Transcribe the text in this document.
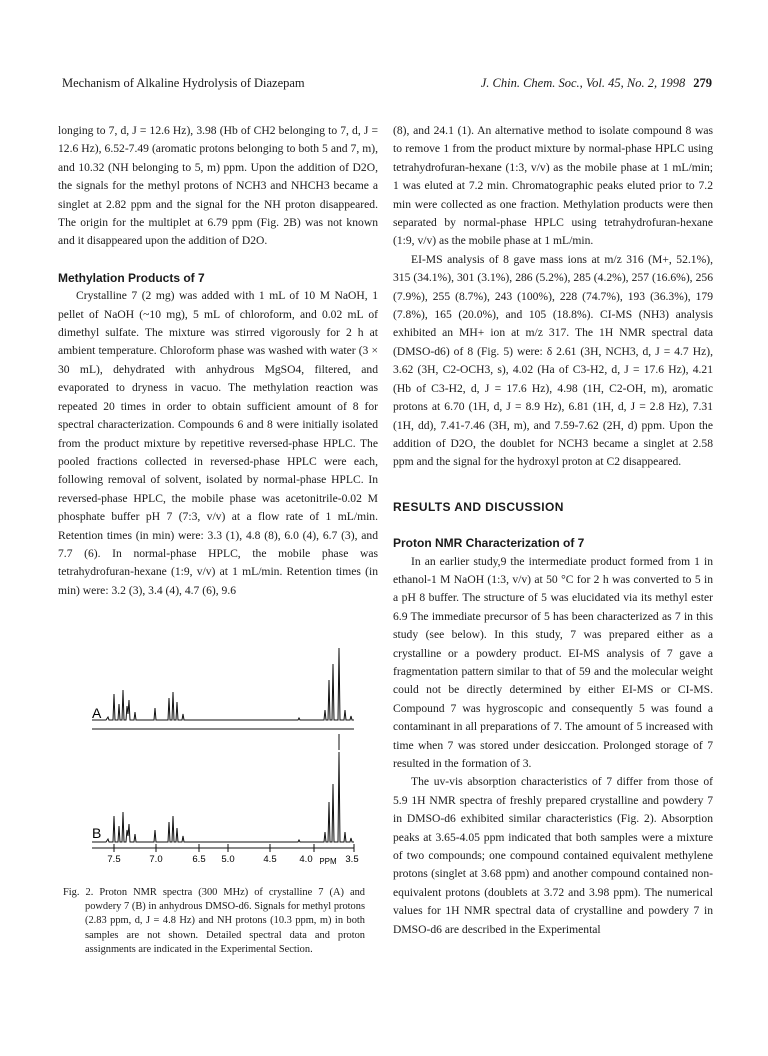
Mechanism of Alkaline Hydrolysis of Diazepam	J. Chin. Chem. Soc., Vol. 45, No. 2, 1998 279

longing to 7, d, J = 12.6 Hz), 3.98 (Hb of CH2 belonging to 7, d, J = 12.6 Hz), 6.52-7.49 (aromatic protons belonging to both 5 and 7, m), and 10.32 (NH belonging to 5, m) ppm. Upon the addition of D2O, the signals for the methyl protons of NCH3 and NHCH3 became a singlet at 2.82 ppm and the signal for the NH proton disappeared. The origin for the multiplet at 6.79 ppm (Fig. 2B) was not known and it disappeared upon the addition of D2O.

Methylation Products of 7

Crystalline 7 (2 mg) was added with 1 mL of 10 M NaOH, 1 pellet of NaOH (~10 mg), 5 mL of chloroform, and 0.02 mL of dimethyl sulfate. The mixture was stirred vigorously for 2 h at ambient temperature. Chloroform phase was washed with water (3 × 30 mL), dehydrated with anhydrous MgSO4, filtered, and evaporated to dryness in vacuo. The methylation reaction was repeated 20 times in order to obtain sufficient amount of 8 for spectral characterization. Compounds 6 and 8 were initially isolated from the product mixture by repetitive reversed-phase HPLC. The pooled fractions collected in reversed-phase HPLC were each, following removal of solvent, isolated by normal-phase HPLC. In reversed-phase HPLC, the mobile phase was acetonitrile-0.02 M phosphate buffer pH 7 (7:3, v/v) at a flow rate of 1 mL/min. Retention times (in min) were: 3.3 (1), 4.8 (8), 6.0 (4), 6.7 (3), and 7.7 (6). In normal-phase HPLC, the mobile phase was tetrahydrofuran-hexane (1:9, v/v) at 1 mL/min. Retention times (in min) were: 3.2 (3), 3.4 (4), 4.7 (6), 9.6

A
B
7.5	7.0	6.5 5.0	4.5 4.0 PPM 3.5
Fig. 2. Proton NMR spectra (300 MHz) of crystalline 7 (A) and powdery 7 (B) in anhydrous DMSO-d6. Signals for methyl protons (2.83 ppm, d, J = 4.8 Hz) and NH protons (10.3 ppm, m) in both samples are not shown. Detailed spectral data and proton assignments are indicated in the Experimental Section.

(8), and 24.1 (1). An alternative method to isolate compound 8 was to remove 1 from the product mixture by normal-phase HPLC using tetrahydrofuran-hexane (1:3, v/v) as the mobile phase at 1 mL/min; 1 was eluted at 7.2 min. Chromatographic peaks eluted prior to 7.2 min were collected as one fraction. Methylation products were then separated by normal-phase HPLC using tetrahydrofuran-hexane (1:9, v/v) as the mobile phase at 1 mL/min.

EI-MS analysis of 8 gave mass ions at m/z 316 (M+, 52.1%), 315 (34.1%), 301 (3.1%), 286 (5.2%), 285 (4.2%), 257 (16.6%), 256 (7.9%), 255 (8.7%), 243 (100%), 228 (74.7%), 193 (36.3%), 179 (7.8%), 165 (20.0%), and 105 (18.8%). CI-MS (NH3) analysis exhibited an MH+ ion at m/z 317. The 1H NMR spectral data (DMSO-d6) of 8 (Fig. 5) were: δ 2.61 (3H, NCH3, d, J = 4.7 Hz), 3.62 (3H, C2-OCH3, s), 4.02 (Ha of C3-H2, d, J = 17.6 Hz), 4.21 (Hb of C3-H2, d, J = 17.6 Hz), 4.98 (1H, C2-OH, m), aromatic protons at 6.70 (1H, d, J = 8.9 Hz), 6.81 (1H, d, J = 2.8 Hz), 7.31 (1H, dd), 7.41-7.46 (3H, m), and 7.59-7.62 (2H, d) ppm. Upon the addition of D2O, the doublet for NCH3 became a singlet at 2.58 ppm and the signal for the hydroxyl proton at C2 disappeared.

RESULTS AND DISCUSSION

Proton NMR Characterization of 7

In an earlier study,9 the intermediate product formed from 1 in ethanol-1 M NaOH (1:3, v/v) at 50 °C for 2 h was converted to 5 in a pH 8 buffer. The structure of 5 was elucidated via its methyl ester 6.9 The immediate precursor of 5 has been characterized as 7 in this study (see below). In this study, 7 was prepared either as a crystalline or a powdery product. EI-MS analysis of 7 gave a fragmentation pattern similar to that of 59 and the molecular weight could not be directly determined by either EI-MS or CI-MS. Compound 7 was hygroscopic and consequently 5 was found a contaminant in all preparations of 7. The amount of 5 increased with time when 7 was stored under desiccation. Prolonged storage of 7 resulted in the formation of 3.

The uv-vis absorption characteristics of 7 differ from those of 5.9 1H NMR spectra of freshly prepared crystalline and powdery 7 in DMSO-d6 exhibited similar characteristics (Fig. 2). Absorption peaks at 3.65-4.05 ppm indicated that both samples were a mixture of two compounds; one compound contained equivalent methylene protons (singlet at 3.68 ppm) and another compound contained non-equivalent protons (doublets at 3.72 and 3.98 ppm). The numerical values for 1H NMR spectral data of crystalline and powdery 7 in DMSO-d6 are described in the Experimental
